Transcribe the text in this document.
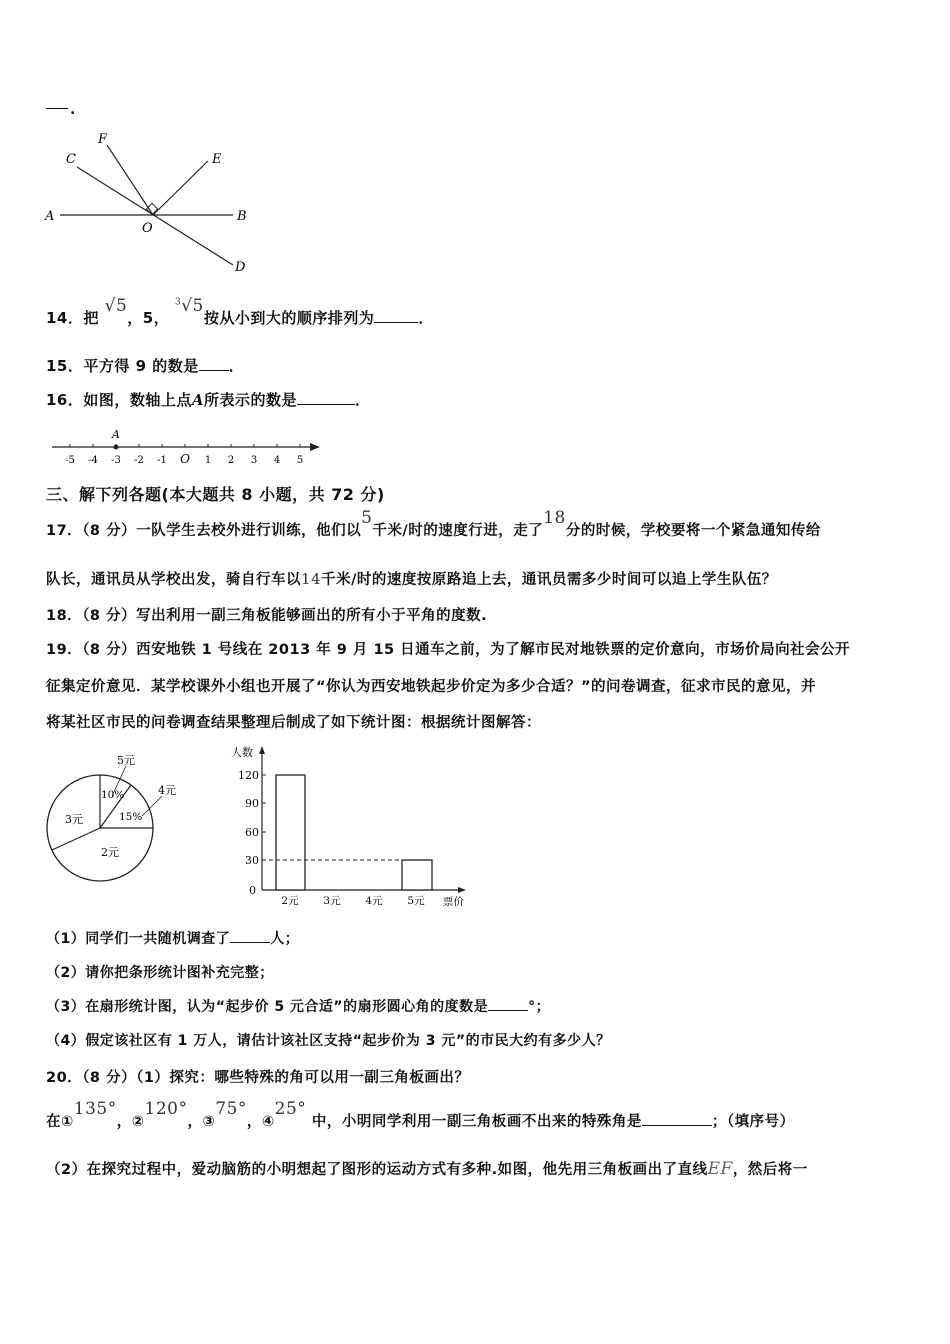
.
A	B
C
D
E
F
O
14．把 √5，5， $^3$√5按从小到大的顺序排列为	．
15．平方得 9 的数是 ．
16．如图，数轴上点A所表示的数是	．
A
-5 -4 -3 -2 -1 O 1 2 3 4 5
三、解下列各题(本大题共 8 小题，共 72 分)
17．（8 分）一队学生去校外进行训练，他们以5千米/时的速度行进，走了18分的时候，学校要将一个紧急通知传给
队长，通讯员从学校出发，骑自行车以14千米/时的速度按原路追上去，通讯员需多少时间可以追上学生队伍？
18．（8 分）写出利用一副三角板能够画出的所有小于平角的度数.
19．（8 分）西安地铁 1 号线在 2013 年 9 月 15 日通车之前，为了解市民对地铁票的定价意向，市场价局向社会公开
征集定价意见．某学校课外小组也开展了“你认为西安地铁起步价定为多少合适？”的问卷调查，征求市民的意见，并
将某社区市民的问卷调查结果整理后制成了如下统计图：根据统计图解答：
5元
10%	4元
15%
3元
2元
人数
120
90
60
30
0
2元 3元 4元 5元 票价
（1）同学们一共随机调查了	人；
（2）请你把条形统计图补充完整；
（3）在扇形统计图，认为“起步价 5 元合适”的扇形圆心角的度数是	°；
（4）假定该社区有 1 万人，请估计该社区支持“起步价为 3 元”的市民大约有多少人？
20．（8 分）（1）探究：哪些特殊的角可以用一副三角板画出？
在①135°，②120°，③75°，④25° 中，小明同学利用一副三角板画不出来的特殊角是	；（填序号）
（2）在探究过程中，爱动脑筋的小明想起了图形的运动方式有多种.如图，他先用三角板画出了直线EF，然后将一
